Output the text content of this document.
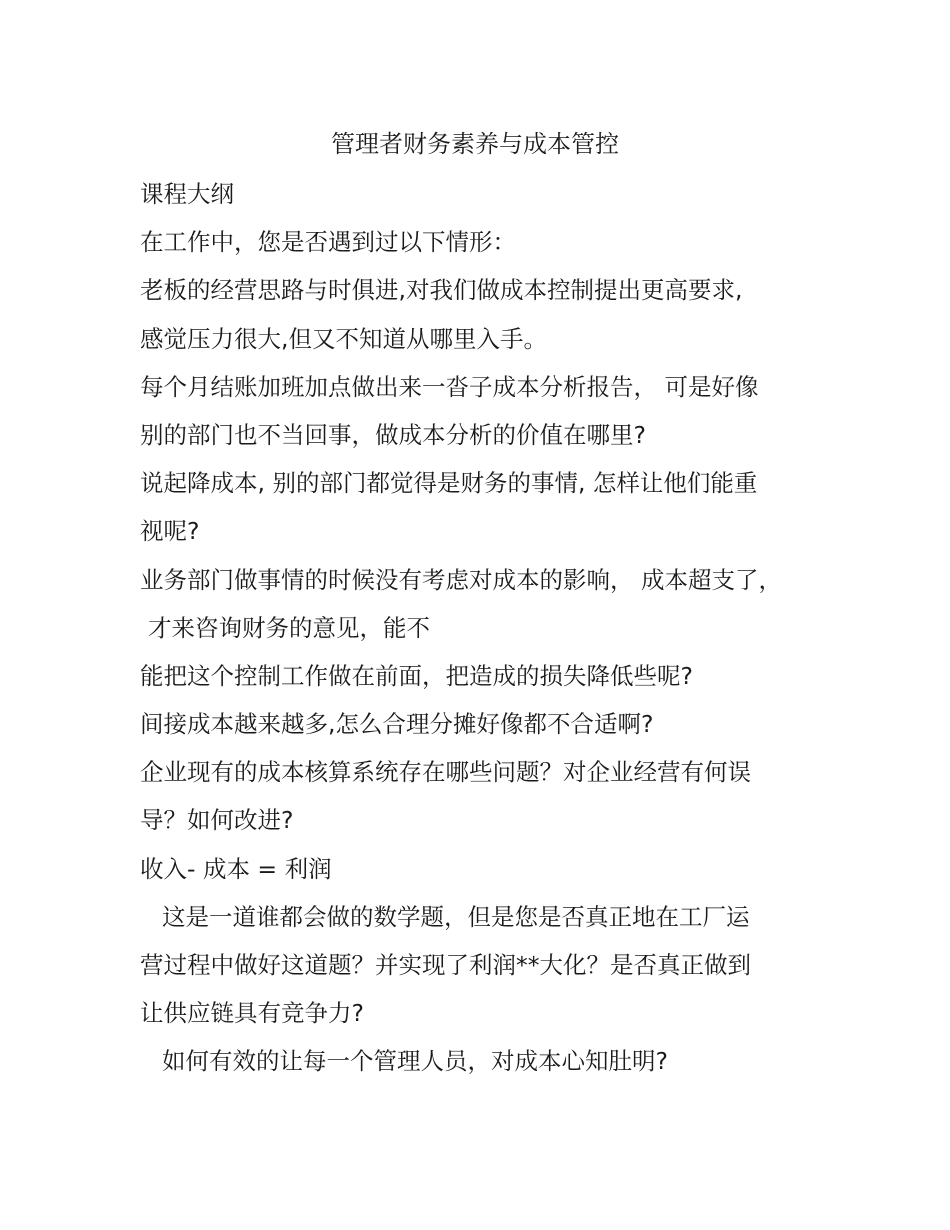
管理者财务素养与成本管控
课程大纲
在工作中，您是否遇到过以下情形：
老板的经营思路与时俱进,对我们做成本控制提出更高要求,
感觉压力很大,但又不知道从哪里入手。
每个月结账加班加点做出来一沓子成本分析报告， 可是好像
别的部门也不当回事，做成本分析的价值在哪里?
说起降成本, 别的部门都觉得是财务的事情, 怎样让他们能重
视呢?
业务部门做事情的时候没有考虑对成本的影响， 成本超支了，
才来咨询财务的意见，能不
能把这个控制工作做在前面，把造成的损失降低些呢?
间接成本越来越多,怎么合理分摊好像都不合适啊?
企业现有的成本核算系统存在哪些问题？对企业经营有何误
导？如何改进?
收入- 成本 = 利润
这是一道谁都会做的数学题，但是您是否真正地在工厂运
营过程中做好这道题？并实现了利润**大化？是否真正做到
让供应链具有竞争力?
如何有效的让每一个管理人员，对成本心知肚明?
